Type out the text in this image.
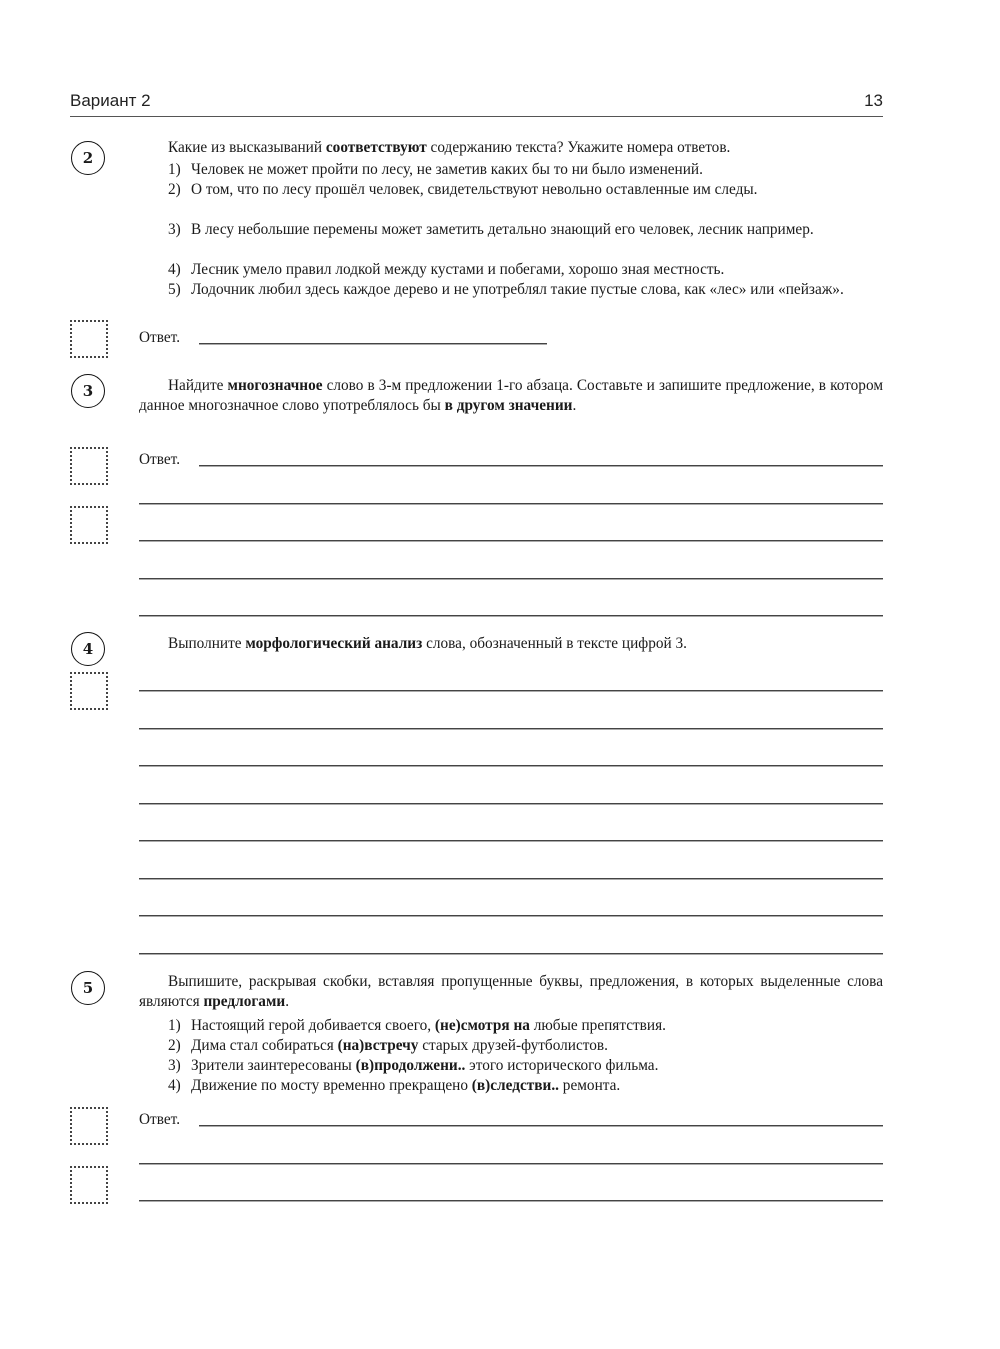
Вариант 2	13
2
Какие из высказываний соответствуют содержанию текста? Укажите номера ответов.
1) Человек не может пройти по лесу, не заметив каких бы то ни было изменений.
2) О том, что по лесу прошёл человек, свидетельствуют невольно оставленные им следы.
3) В лесу небольшие перемены может заметить детально знающий его человек, лесник например.
4) Лесник умело правил лодкой между кустами и побегами, хорошо зная местность.
5) Лодочник любил здесь каждое дерево и не употреблял такие пустые слова, как «лес» или «пейзаж».
Ответ.
3	Найдите многозначное слово в 3-м предложении 1-го абзаца. Составьте и запишите предложение, в котором данное многозначное слово употреблялось бы в другом значении.
Ответ.
4	Выполните морфологический анализ слова, обозначенный в тексте цифрой 3.
5	Выпишите, раскрывая скобки, вставляя пропущенные буквы, предложения, в которых выделенные слова являются предлогами.
1) Настоящий герой добивается своего, (не)смотря на любые препятствия.
2) Дима стал собираться (на)встречу старых друзей-футболистов.
3) Зрители заинтересованы (в)продолжени.. этого исторического фильма.
4) Движение по мосту временно прекращено (в)следстви.. ремонта.
Ответ.
